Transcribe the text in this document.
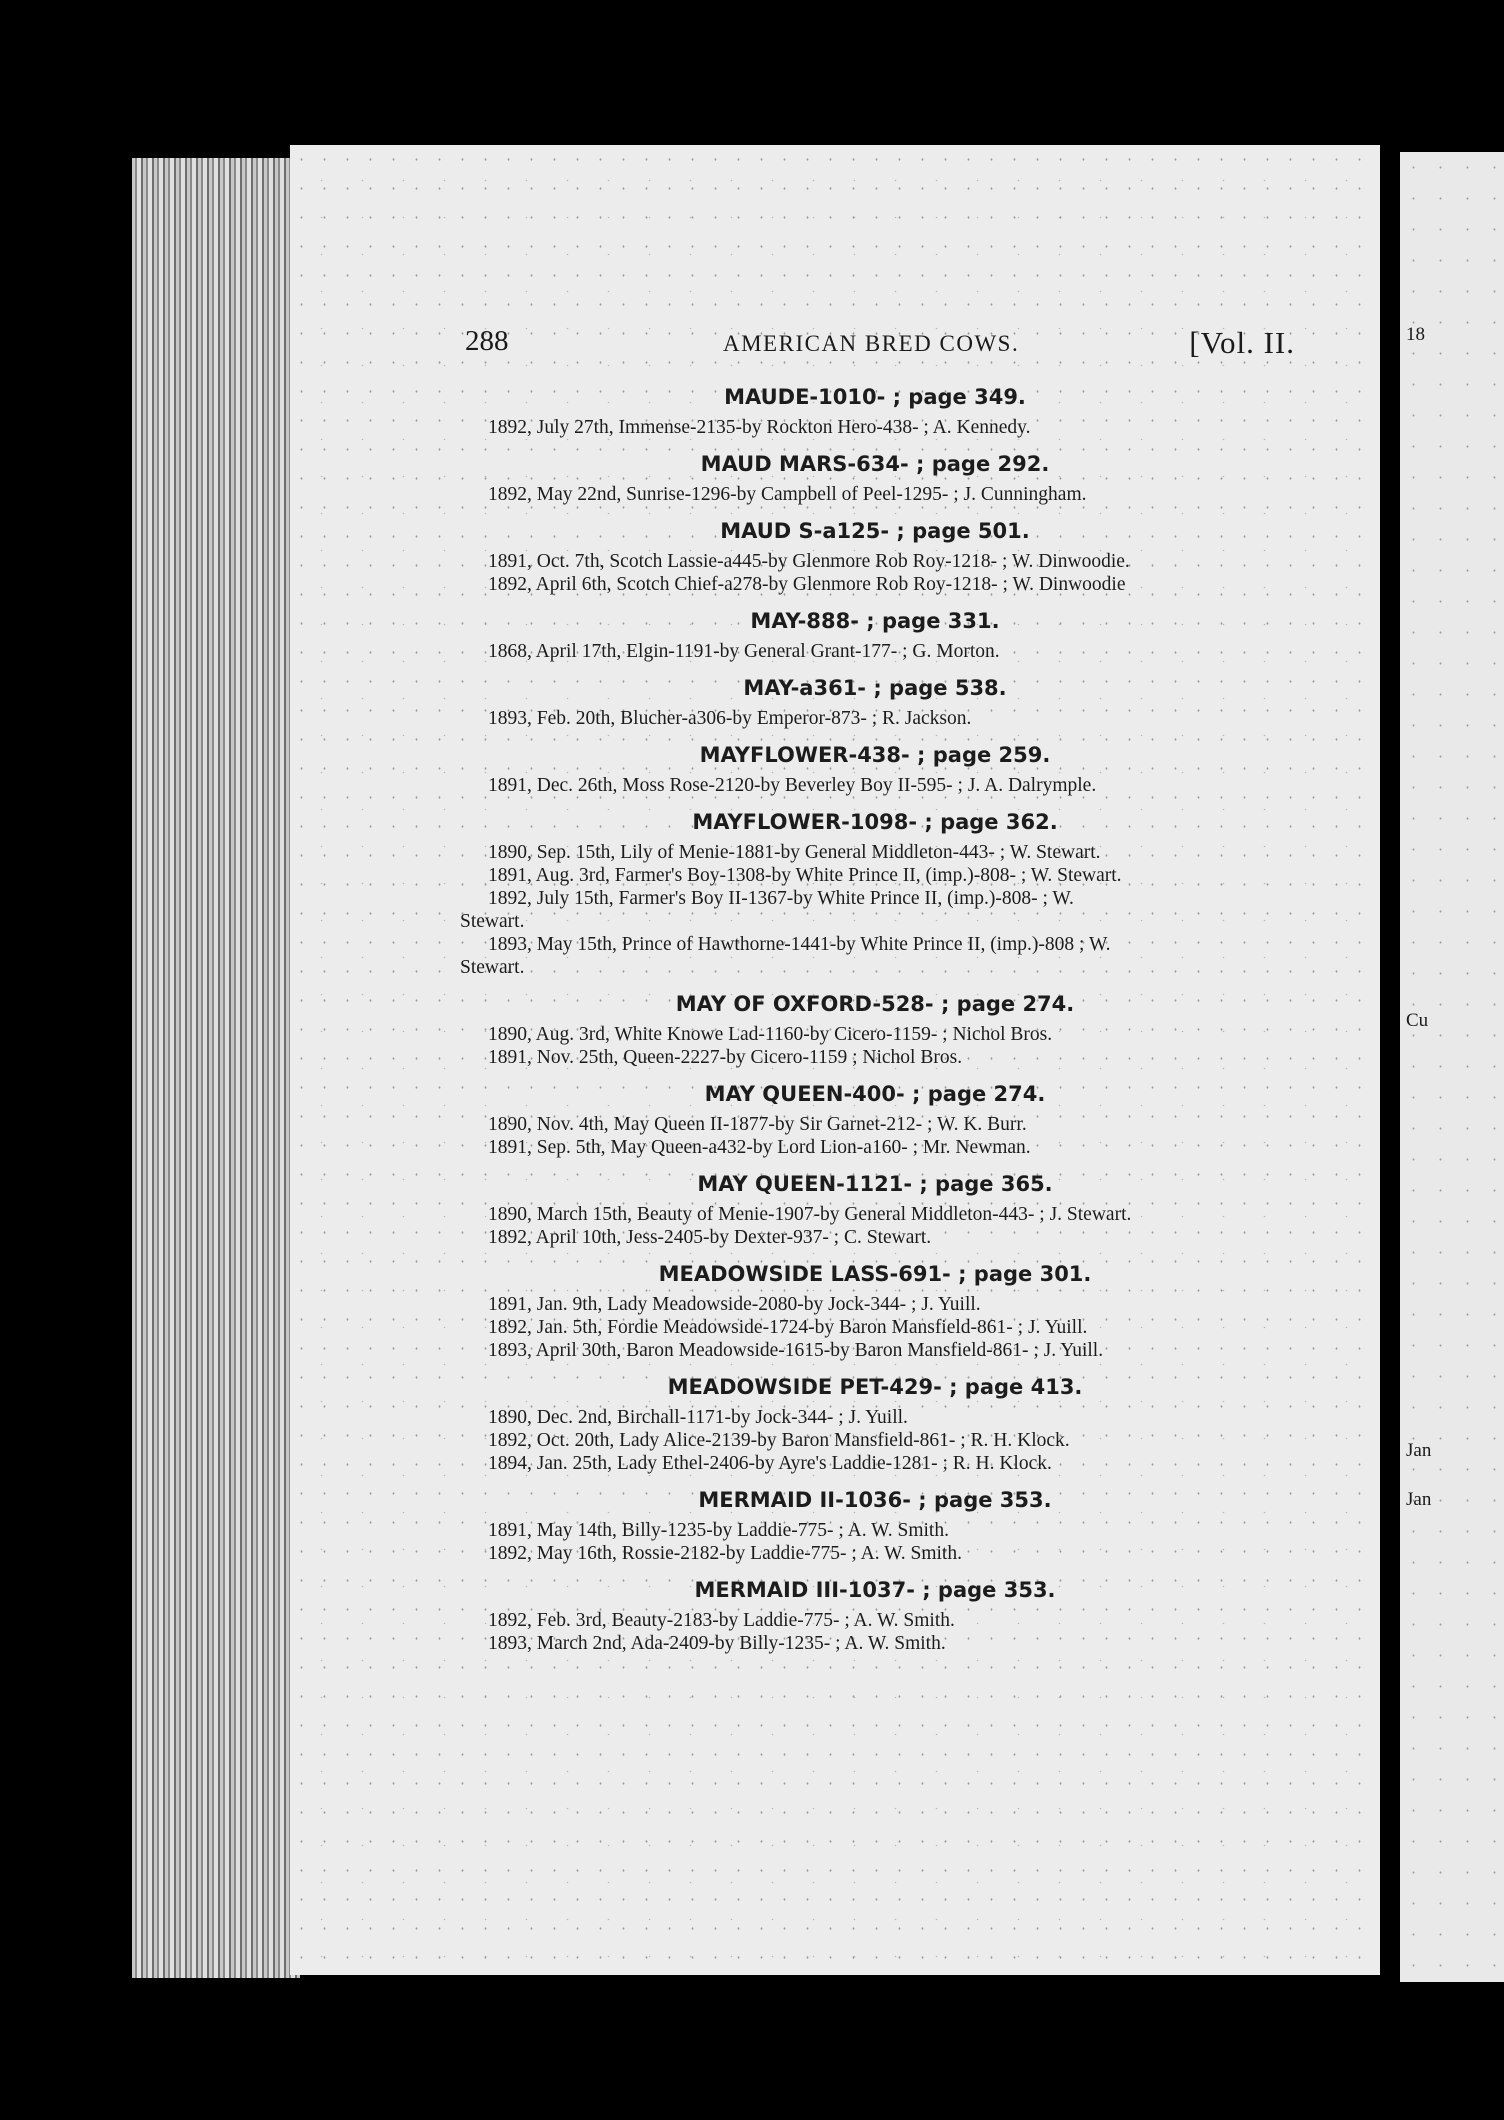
18
Cu
Jan
Jan
288	AMERICAN BRED COWS.	[Vol. II.
MAUDE-1010- ; page 349.
1892, July 27th, Immense-2135-by Rockton Hero-438- ; A. Kennedy.
MAUD MARS-634- ; page 292.
1892, May 22nd, Sunrise-1296-by Campbell of Peel-1295- ; J. Cunningham.
MAUD S-a125- ; page 501.
1891, Oct. 7th, Scotch Lassie-a445-by Glenmore Rob Roy-1218- ; W. Dinwoodie.
1892, April 6th, Scotch Chief-a278-by Glenmore Rob Roy-1218- ; W. Dinwoodie
MAY-888- ; page 331.
1868, April 17th, Elgin-1191-by General Grant-177- ; G. Morton.
MAY-a361- ; page 538.
1893, Feb. 20th, Blucher-a306-by Emperor-873- ; R. Jackson.
MAYFLOWER-438- ; page 259.
1891, Dec. 26th, Moss Rose-2120-by Beverley Boy II-595- ; J. A. Dalrymple.
MAYFLOWER-1098- ; page 362.
1890, Sep. 15th, Lily of Menie-1881-by General Middleton-443- ; W. Stewart.
1891, Aug. 3rd, Farmer's Boy-1308-by White Prince II, (imp.)-808- ; W. Stewart.
1892, July 15th, Farmer's Boy II-1367-by White Prince II, (imp.)-808- ; W.
Stewart.
1893, May 15th, Prince of Hawthorne-1441-by White Prince II, (imp.)-808 ; W.
Stewart.
MAY OF OXFORD-528- ; page 274.
1890, Aug. 3rd, White Knowe Lad-1160-by Cicero-1159- ; Nichol Bros.
1891, Nov. 25th, Queen-2227-by Cicero-1159 ; Nichol Bros.
MAY QUEEN-400- ; page 274.
1890, Nov. 4th, May Queen II-1877-by Sir Garnet-212- ; W. K. Burr.
1891, Sep. 5th, May Queen-a432-by Lord Lion-a160- ; Mr. Newman.
MAY QUEEN-1121- ; page 365.
1890, March 15th, Beauty of Menie-1907-by General Middleton-443- ; J. Stewart.
1892, April 10th, Jess-2405-by Dexter-937- ; C. Stewart.
MEADOWSIDE LASS-691- ; page 301.
1891, Jan. 9th, Lady Meadowside-2080-by Jock-344- ; J. Yuill.
1892, Jan. 5th, Fordie Meadowside-1724-by Baron Mansfield-861- ; J. Yuill.
1893, April 30th, Baron Meadowside-1615-by Baron Mansfield-861- ; J. Yuill.
MEADOWSIDE PET-429- ; page 413.
1890, Dec. 2nd, Birchall-1171-by Jock-344- ; J. Yuill.
1892, Oct. 20th, Lady Alice-2139-by Baron Mansfield-861- ; R. H. Klock.
1894, Jan. 25th, Lady Ethel-2406-by Ayre's Laddie-1281- ; R. H. Klock.
MERMAID II-1036- ; page 353.
1891, May 14th, Billy-1235-by Laddie-775- ; A. W. Smith.
1892, May 16th, Rossie-2182-by Laddie-775- ; A. W. Smith.
MERMAID III-1037- ; page 353.
1892, Feb. 3rd, Beauty-2183-by Laddie-775- ; A. W. Smith.
1893, March 2nd, Ada-2409-by Billy-1235- ; A. W. Smith.
